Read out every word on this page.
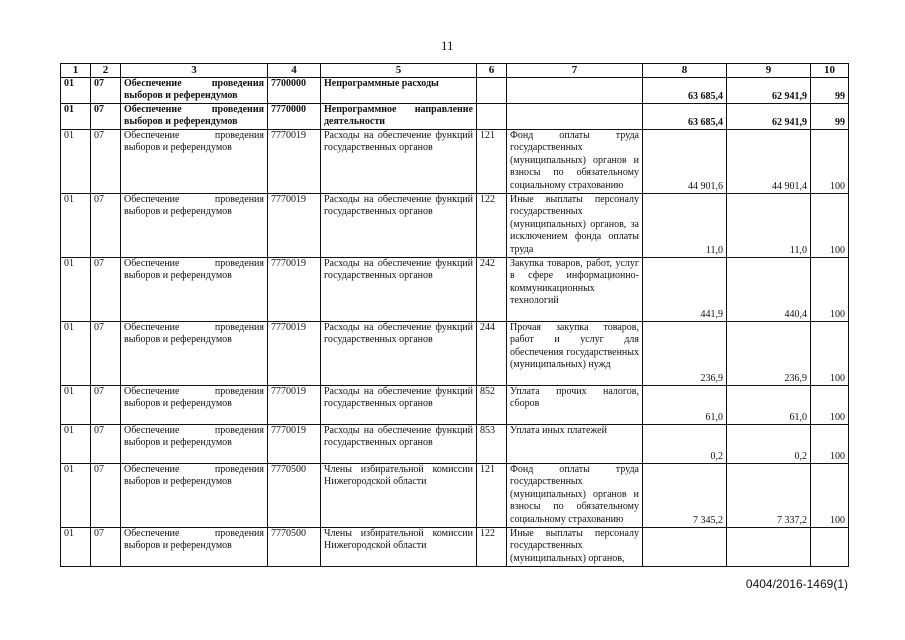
11
1	2	3	4	5	6	7	8	9	10
01	07	Обеспечение проведения выборов и референдумов	7700000	Непрограммные расходы			63 685,4	62 941,9	99
01	07	Обеспечение проведения выборов и референдумов	7770000	Непрограммное направление деятельности			63 685,4	62 941,9	99
01	07	Обеспечение проведения выборов и референдумов	7770019	Расходы на обеспечение функций государственных органов	121	Фонд оплаты труда государственных (муниципальных) органов и взносы по обязательному социальному страхованию	44 901,6	44 901,4	100
01	07	Обеспечение проведения выборов и референдумов	7770019	Расходы на обеспечение функций государственных органов	122	Иные выплаты персоналу государственных (муниципальных) органов, за исключением фонда оплаты труда	11,0	11,0	100
01	07	Обеспечение проведения выборов и референдумов	7770019	Расходы на обеспечение функций государственных органов	242	Закупка товаров, работ, услуг в сфере информационно-коммуникационных технологий	441,9	440,4	100
01	07	Обеспечение проведения выборов и референдумов	7770019	Расходы на обеспечение функций государственных органов	244	Прочая закупка товаров, работ и услуг для обеспечения государственных (муниципальных) нужд	236,9	236,9	100
01	07	Обеспечение проведения выборов и референдумов	7770019	Расходы на обеспечение функций государственных органов	852	Уплата прочих налогов, сборов	61,0	61,0	100
01	07	Обеспечение проведения выборов и референдумов	7770019	Расходы на обеспечение функций государственных органов	853	Уплата иных платежей	0,2	0,2	100
01	07	Обеспечение проведения выборов и референдумов	7770500	Члены избирательной комиссии Нижегородской области	121	Фонд оплаты труда государственных (муниципальных) органов и взносы по обязательному социальному страхованию	7 345,2	7 337,2	100
01	07	Обеспечение проведения выборов и референдумов	7770500	Члены избирательной комиссии Нижегородской области	122	Иные выплаты персоналу государственных (муниципальных) органов,			
0404/2016-1469(1)
